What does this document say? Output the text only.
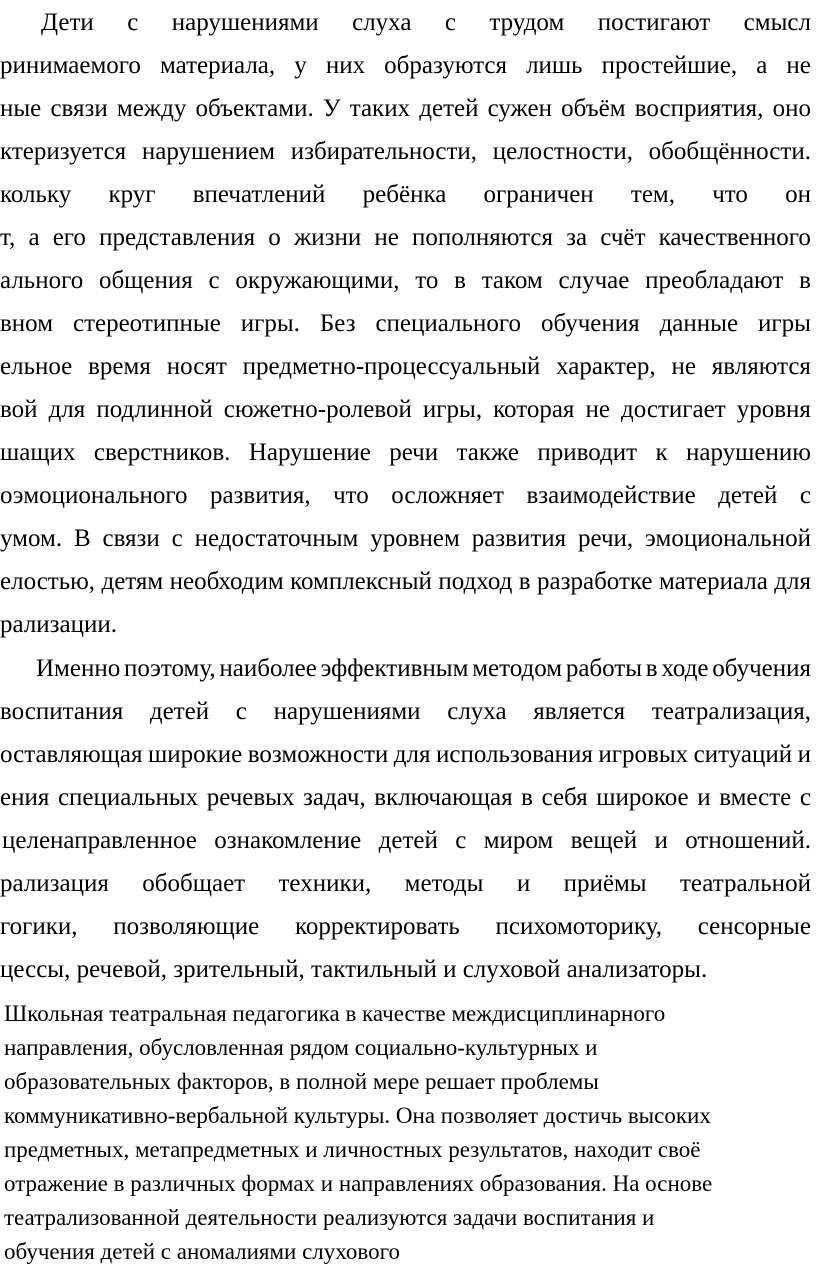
Дети с нарушениями слуха с трудом постигают смысл
ринимаемого материала, у них образуются лишь простейшие, а не
ные связи между объектами. У таких детей сужен объём восприятия, оно
ктеризуется нарушением избирательности, целостности, обобщённости.
кольку круг впечатлений ребёнка ограничен тем, что он
т, а его представления о жизни не пополняются за счёт качественного
ального общения с окружающими, то в таком случае преобладают в
вном стереотипные игры. Без специального обучения данные игры
ельное время носят предметно-процессуальный характер, не являются
вой для подлинной сюжетно-ролевой игры, которая не достигает уровня
шащих сверстников. Нарушение речи также приводит к нарушению
оэмоционального развития, что осложняет взаимодействие детей с
умом. В связи с недостаточным уровнем развития речи, эмоциональной
елостью, детям необходим комплексный подход в разработке материала для
рализации.
Именно поэтому, наиболее эффективным методом работы в ходе обучения
воспитания детей с нарушениями слуха является театрализация,
оставляющая широкие возможности для использования игровых ситуаций и
ения специальных речевых задач, включающая в себя широкое и вместе с
целенаправленное ознакомление детей с миром вещей и отношений.
рализация обобщает техники, методы и приёмы театральной
гогики, позволяющие корректировать психомоторику, сенсорные
цессы, речевой, зрительный, тактильный и слуховой анализаторы.
Школьная театральная педагогика в качестве междисциплинарного
направления, обусловленная рядом социально-культурных и
образовательных факторов, в полной мере решает проблемы
коммуникативно-вербальной культуры. Она позволяет достичь высоких
предметных, метапредметных и личностных результатов, находит своё
отражение в различных формах и направлениях образования. На основе
театрализованной деятельности реализуются задачи воспитания и
обучения детей с аномалиями слухового
